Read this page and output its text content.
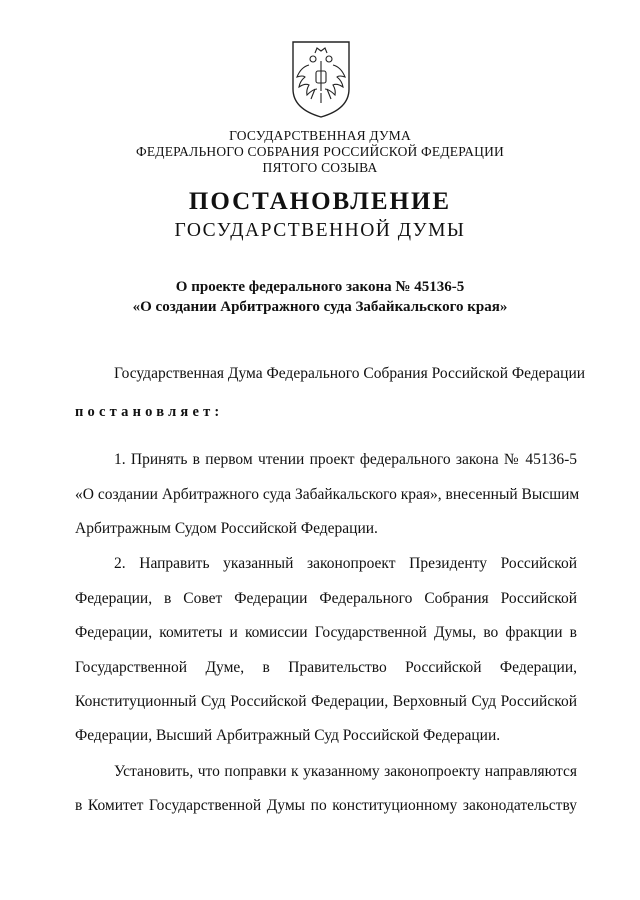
ГОСУДАРСТВЕННАЯ ДУМА
ФЕДЕРАЛЬНОГО СОБРАНИЯ РОССИЙСКОЙ ФЕДЕРАЦИИ
ПЯТОГО СОЗЫВА
ПОСТАНОВЛЕНИЕ
ГОСУДАРСТВЕННОЙ ДУМЫ
О проекте федерального закона № 45136-5
«О создании Арбитражного суда Забайкальского края»
Государственная Дума Федерального Собрания Российской Федерации
постановляет:
1. Принять в первом чтении проект федерального закона № 45136-5
«О создании Арбитражного суда Забайкальского края», внесенный Высшим
Арбитражным Судом Российской Федерации.
2. Направить указанный законопроект Президенту Российской
Федерации, в Совет Федерации Федерального Собрания Российской
Федерации, комитеты и комиссии Государственной Думы, во фракции в
Государственной Думе, в Правительство Российской Федерации,
Конституционный Суд Российской Федерации, Верховный Суд Российской
Федерации, Высший Арбитражный Суд Российской Федерации.
Установить, что поправки к указанному законопроекту направляются
в Комитет Государственной Думы по конституционному законодательству
